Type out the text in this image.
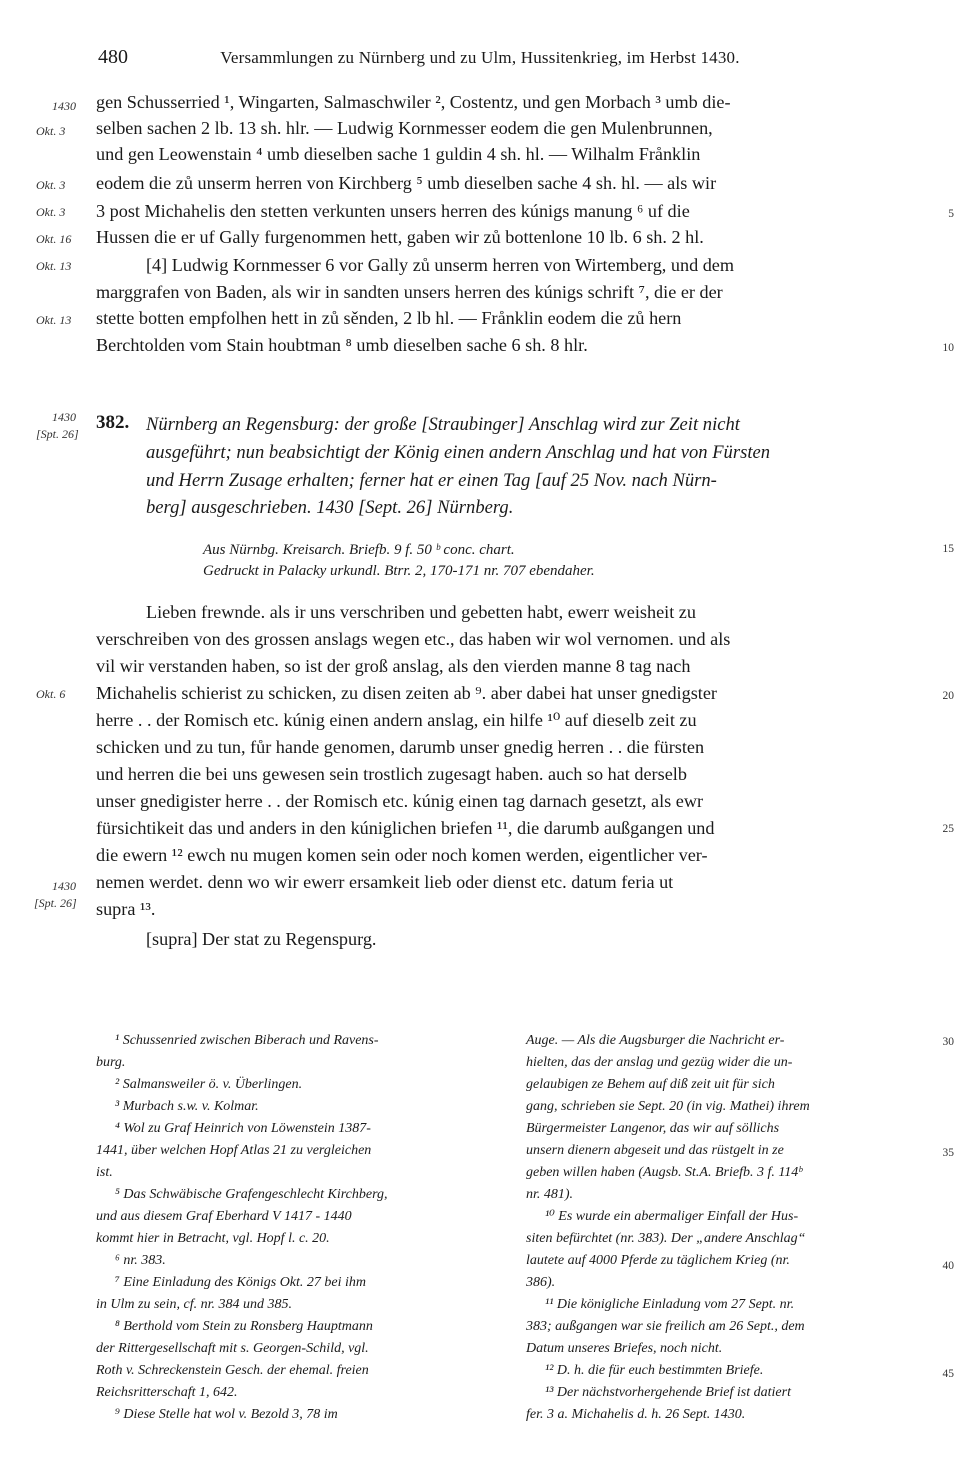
480	Versammlungen zu Nürnberg und zu Ulm, Hussitenkrieg, im Herbst 1430.
gen Schusserried ¹, Wingarten, Salmaschwiler ², Costentz, und gen Morbach ³ umb die-
selben sachen 2 lb. 13 sh. hlr. — Ludwig Kornmesser eodem die gen Mulenbrunnen,
und gen Leowenstain ⁴ umb dieselben sache 1 guldin 4 sh. hl. — Wilhalm Frånklin
eodem die zů unserm herren von Kirchberg ⁵ umb dieselben sache 4 sh. hl. — als wir
3 post Michahelis den stetten verkunten unsers herren des kúnigs manung ⁶ uf die
Hussen die er uf Gally furgenommen hett, gaben wir zů bottenlone 10 lb. 6 sh. 2 hl.
[4] Ludwig Kornmesser 6 vor Gally zů unserm herren von Wirtemberg, und dem
marggrafen von Baden, als wir in sandten unsers herren des kúnigs schrift ⁷, die er der
stette botten empfolhen hett in zů sěnden, 2 lb hl. — Frånklin eodem die zů hern
Berchtolden vom Stain houbtman ⁸ umb dieselben sache 6 sh. 8 hlr.
1430
Okt. 3
Okt. 3
Okt. 3
Okt. 16
Okt. 13
Okt. 13
1430
[Spt. 26]
Okt. 6
1430
[Spt. 26]
5
10
15
20
25
30
35
40
45
382. Nürnberg an Regensburg: der große [Straubinger] Anschlag wird zur Zeit nicht
ausgeführt; nun beabsichtigt der König einen andern Anschlag und hat von Fürsten
und Herrn Zusage erhalten; ferner hat er einen Tag [auf 25 Nov. nach Nürn-
berg] ausgeschrieben. 1430 [Sept. 26] Nürnberg.
Aus Nürnbg. Kreisarch. Briefb. 9 f. 50 ᵇ conc. chart.
Gedruckt in Palacky urkundl. Btrr. 2, 170-171 nr. 707 ebendaher.
Lieben frewnde. als ir uns verschriben und gebetten habt, ewerr weisheit zu
verschreiben von des grossen anslags wegen etc., das haben wir wol vernomen. und als
vil wir verstanden haben, so ist der groß anslag, als den vierden manne 8 tag nach
Michahelis schierist zu schicken, zu disen zeiten ab ⁹. aber dabei hat unser gnedigster
herre . . der Romisch etc. kúnig einen andern anslag, ein hilfe ¹⁰ auf dieselb zeit zu
schicken und zu tun, fůr hande genomen, darumb unser gnedig herren . . die fürsten
und herren die bei uns gewesen sein trostlich zugesagt haben. auch so hat derselb
unser gnedigister herre . . der Romisch etc. kúnig einen tag darnach gesetzt, als ewr
fürsichtikeit das und anders in den kúniglichen briefen ¹¹, die darumb außgangen und
die ewern ¹² ewch nu mugen komen sein oder noch komen werden, eigentlicher ver-
nemen werdet. denn wo wir ewerr ersamkeit lieb oder dienst etc. datum feria ut
supra ¹³.
[supra] Der stat zu Regenspurg.
¹ Schussenried zwischen Biberach und Ravens-
burg.
² Salmansweiler ö. v. Überlingen.
³ Murbach s.w. v. Kolmar.
⁴ Wol zu Graf Heinrich von Löwenstein 1387-
1441, über welchen Hopf Atlas 21 zu vergleichen
ist.
⁵ Das Schwäbische Grafengeschlecht Kirchberg,
und aus diesem Graf Eberhard V 1417 - 1440
kommt hier in Betracht, vgl. Hopf l. c. 20.
⁶ nr. 383.
⁷ Eine Einladung des Königs Okt. 27 bei ihm
in Ulm zu sein, cf. nr. 384 und 385.
⁸ Berthold vom Stein zu Ronsberg Hauptmann
der Rittergesellschaft mit s. Georgen-Schild, vgl.
Roth v. Schreckenstein Gesch. der ehemal. freien
Reichsritterschaft 1, 642.
⁹ Diese Stelle hat wol v. Bezold 3, 78 im
Auge. — Als die Augsburger die Nachricht er-
hielten, das der anslag und gezüg wider die un-
gelaubigen ze Behem auf diß zeit uit für sich
gang, schrieben sie Sept. 20 (in vig. Mathei) ihrem
Bürgermeister Langenor, das wir auf söllichs
unsern dienern abgeseit und das rüstgelt in ze
geben willen haben (Augsb. St.A. Briefb. 3 f. 114ᵇ
nr. 481).
¹⁰ Es wurde ein abermaliger Einfall der Hus-
siten befürchtet (nr. 383). Der „andere Anschlag“
lautete auf 4000 Pferde zu täglichem Krieg (nr.
386).
¹¹ Die königliche Einladung vom 27 Sept. nr.
383; außgangen war sie freilich am 26 Sept., dem
Datum unseres Briefes, noch nicht.
¹² D. h. die für euch bestimmten Briefe.
¹³ Der nächstvorhergehende Brief ist datiert
fer. 3 a. Michahelis d. h. 26 Sept. 1430.
